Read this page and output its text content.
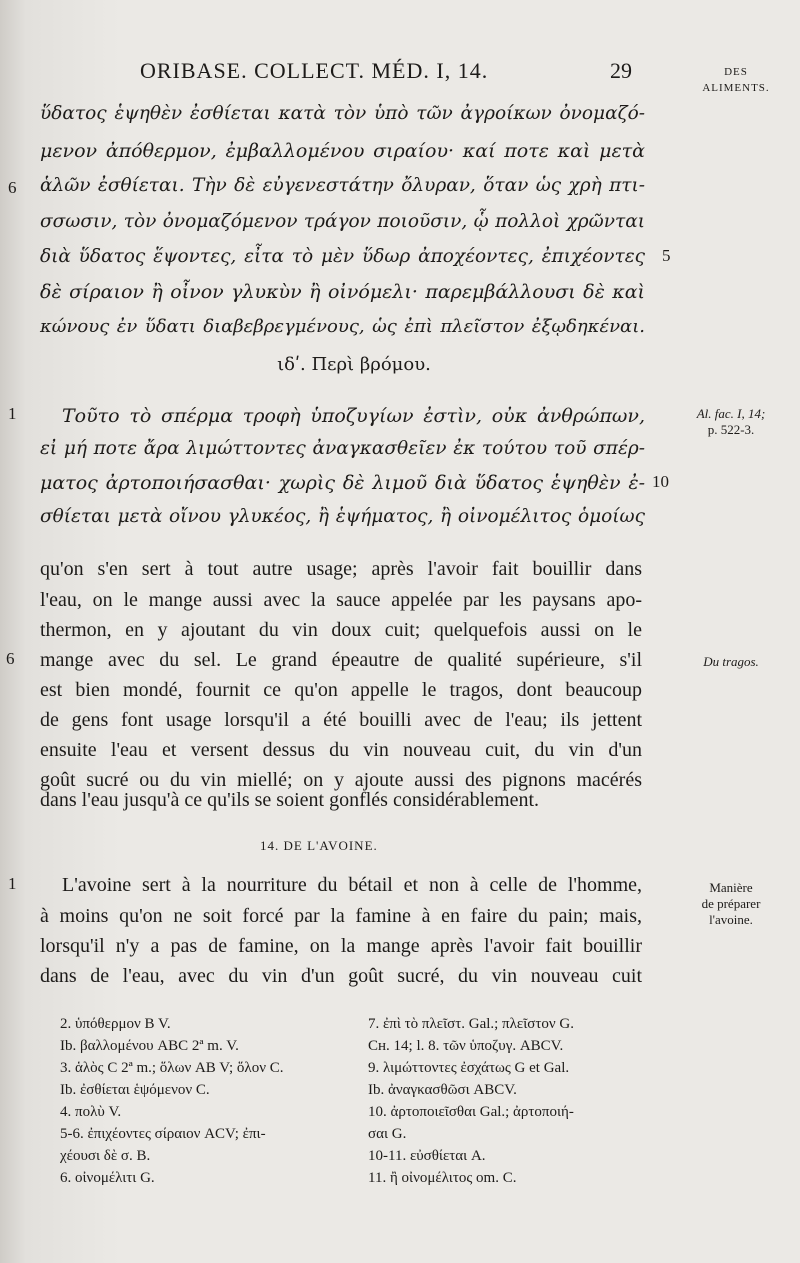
ORIBASE. COLLECT. MÉD. I, 14.	29	DES
ALIMENTS.
ὕδατος ἑψηθὲν ἐσθίεται κατὰ τὸν ὑπὸ τῶν ἀγροίκων ὀνομαζό-
μενον ἀπόθερμον, ἐμβαλλομένου σιραίου· καί ποτε καὶ μετὰ
ἁλῶν ἐσθίεται. Τὴν δὲ εὐγενεστάτην ὄλυραν, ὅταν ὡς χρὴ πτι-
σσωσιν, τὸν ὀνομαζόμενον τράγον ποιοῦσιν, ᾧ πολλοὶ χρῶνται
διὰ ὕδατος ἕψοντες, εἶτα τὸ μὲν ὕδωρ ἀποχέοντες, ἐπιχέοντες
δὲ σίραιον ἢ οἶνον γλυκὺν ἢ οἰνόμελι· παρεμβάλλουσι δὲ καὶ
κώνους ἐν ὕδατι διαβεβρεγμένους, ὡς ἐπὶ πλεῖστον ἐξῳδηκέναι.
6
5
ιδʹ. Περὶ βρόμου.
Τοῦτο τὸ σπέρμα τροφὴ ὑποζυγίων ἐστὶν, οὐκ ἀνθρώπων,
εἰ μή ποτε ἄρα λιμώττοντες ἀναγκασθεῖεν ἐκ τούτου τοῦ σπέρ-
ματος ἀρτοποιήσασθαι· χωρὶς δὲ λιμοῦ διὰ ὕδατος ἑψηθὲν ἐ-
σθίεται μετὰ οἴνου γλυκέος, ἢ ἑψήματος, ἢ οἰνομέλιτος ὁμοίως
1
10
Al. fac. I, 14;
p. 522-3.
qu'on s'en sert à tout autre usage; après l'avoir fait bouillir dans
l'eau, on le mange aussi avec la sauce appelée par les paysans apo-
thermon, en y ajoutant du vin doux cuit; quelquefois aussi on le
mange avec du sel. Le grand épeautre de qualité supérieure, s'il
est bien mondé, fournit ce qu'on appelle le tragos, dont beaucoup
de gens font usage lorsqu'il a été bouilli avec de l'eau; ils jettent
ensuite l'eau et versent dessus du vin nouveau cuit, du vin d'un
goût sucré ou du vin miellé; on y ajoute aussi des pignons macérés
dans l'eau jusqu'à ce qu'ils se soient gonflés considérablement.
6	Du tragos.
14. DE L'AVOINE.
L'avoine sert à la nourriture du bétail et non à celle de l'homme,
à moins qu'on ne soit forcé par la famine à en faire du pain; mais,
lorsqu'il n'y a pas de famine, on la mange après l'avoir fait bouillir
dans de l'eau, avec du vin d'un goût sucré, du vin nouveau cuit
1	Manière
de préparer
l'avoine.
2. ὑπόθερμον B V.
Ib. βαλλομένου ABC 2ª m. V.
3. ἁλὸς C 2ª m.; ὅλων AB V; ὅλον C.
Ib. ἐσθίεται ἑψόμενον C.
4. πολὺ V.
5-6. ἐπιχέοντες σίραιον ACV; ἐπι-
χέουσι δὲ σ. B.
6. οἰνομέλιτι G.
7. ἐπὶ τὸ πλεῖστ. Gal.; πλεῖστον G.
Cн. 14; l. 8. τῶν ὑποζυγ. ABCV.
9. λιμώττοντες ἐσχάτως G et Gal.
Ib. ἀναγκασθῶσι ABCV.
10. ἀρτοποιεῖσθαι Gal.; ἀρτοποιή-
σαι G.
10-11. εὐσθίεται A.
11. ἢ οἰνομέλιτος om. C.
